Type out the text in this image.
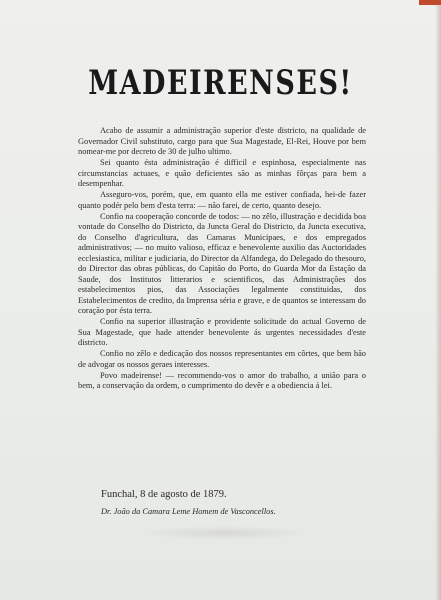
MADEIRENSES!

Acabo de assumir a administração superior d'este districto, na qualidade de Governador Civil substituto, cargo para que Sua Magestade, El-Rei, Houve por bem nomear-me por decreto de 30 de julho ultimo.

Sei quanto ésta administração é difficil e espinhosa, especialmente nas circumstancias actuaes, e quão deficientes são as minhas fôrças para bem a desempenhar.

Asseguro-vos, porém, que, em quanto ella me estiver confiada, hei-de fazer quanto podér pelo bem d'esta terra: — não farei, de certo, quanto desejo.

Confio na cooperação concorde de todos: — no zêlo, illustração e decidida boa vontade do Conselho do Districto, da Juncta Geral do Districto, da Juncta executiva, do Conselho d'agricultura, das Camaras Municipaes, e dos empregados administrativos; — no muito valioso, efficaz e benevolente auxilio das Auctoridades ecclesiastica, militar e judiciaria, do Director da Alfandega, do Delegado do thesouro, do Director das obras públicas, do Capitão do Porto, do Guarda Mor da Estação da Saude, dos Institutos litterarios e scientificos, das Administrações dos estabelecimentos pios, das Associações legalmente constituidas, dos Estabelecimentos de credito, da Imprensa séria e grave, e de quantos se interessam do coração por ésta terra.

Confio na superior illustração e providente solicitude do actual Governo de Sua Magestade, que hade attender benevolente ás urgentes necessidades d'este districto.

Confio no zêlo e dedicação dos nossos representantes em côrtes, que bem hão de advogar os nossos geraes interesses.

Povo madeirense! — recommendo-vos o amor do trabalho, a união para o bem, a conservação da ordem, o cumprimento do devêr e a obediencia á lei.

Funchal, 8 de agosto de 1879.
Dr. João da Camara Leme Homem de Vasconcellos.
